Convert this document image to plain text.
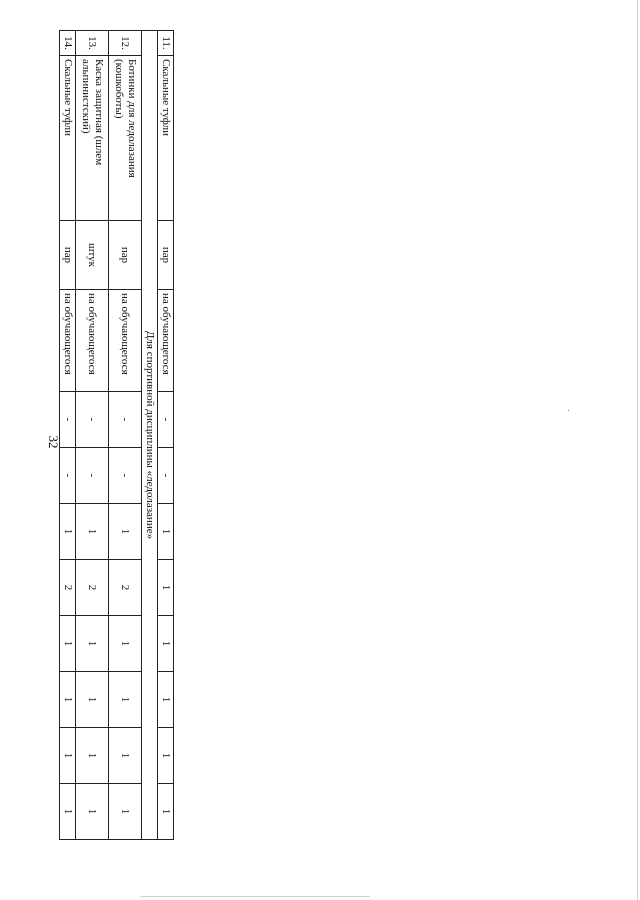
32
11.	Скальные туфли	пар	на обучающегося	-	-	1	1	1	1	1	1
Для спортивной дисциплины «ледолазание»											
12.	Ботинки для ледолазания (кошкоботы)	пар	на обучающегося	-	-	1	2	1	1	1	1
13.	Каска защитная (шлем альпинистский)	штук	на обучающегося	-	-	1	2	1	1	1	1
14.	Скальные туфли	пар	на обучающегося	-	-	1	2	1	1	1	1
